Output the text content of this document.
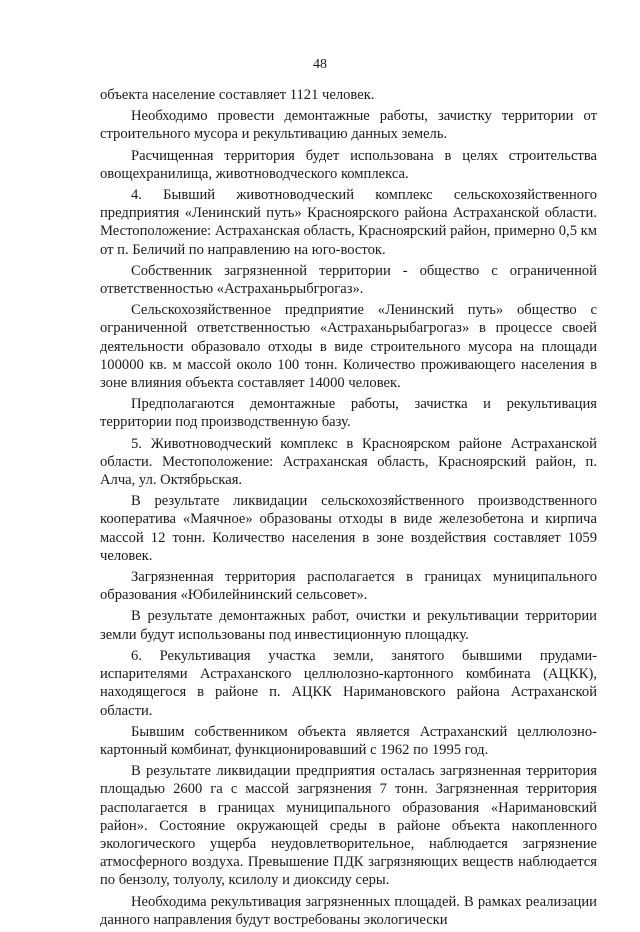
48

объекта население составляет 1121 человек.

Необходимо провести демонтажные работы, зачистку территории от строительного мусора и рекультивацию данных земель.

Расчищенная территория будет использована в целях строительства овощехранилища, животноводческого комплекса.

4. Бывший животноводческий комплекс сельскохозяйственного предприятия «Ленинский путь» Красноярского района Астраханской области. Местоположение: Астраханская область, Красноярский район, примерно 0,5 км от п. Беличий по направлению на юго-восток.

Собственник загрязненной территории - общество с ограниченной ответственностью «Астраханьрыбгрогаз».

Сельскохозяйственное предприятие «Ленинский путь» общество с ограниченной ответственностью «Астраханьрыбагрогаз» в процессе своей деятельности образовало отходы в виде строительного мусора на площади 100000 кв. м массой около 100 тонн. Количество проживающего населения в зоне влияния объекта составляет 14000 человек.

Предполагаются демонтажные работы, зачистка и рекультивация территории под производственную базу.

5. Животноводческий комплекс в Красноярском районе Астраханской области. Местоположение: Астраханская область, Красноярский район, п. Алча, ул. Октябрьская.

В результате ликвидации сельскохозяйственного производственного кооператива «Маячное» образованы отходы в виде железобетона и кирпича массой 12 тонн. Количество населения в зоне воздействия составляет 1059 человек.

Загрязненная территория располагается в границах муниципального образования «Юбилейнинский сельсовет».

В результате демонтажных работ, очистки и рекультивации территории земли будут использованы под инвестиционную площадку.

6. Рекультивация участка земли, занятого бывшими прудами-испарителями Астраханского целлюлозно-картонного комбината (АЦКК), находящегося в районе п. АЦКК Наримановского района Астраханской области.

Бывшим собственником объекта является Астраханский целлюлозно-картонный комбинат, функционировавший с 1962 по 1995 год.

В результате ликвидации предприятия осталась загрязненная территория площадью 2600 га с массой загрязнения 7 тонн. Загрязненная территория располагается в границах муниципального образования «Наримановский район». Состояние окружающей среды в районе объекта накопленного экологического ущерба неудовлетворительное, наблюдается загрязнение атмосферного воздуха. Превышение ПДК загрязняющих веществ наблюдается по бензолу, толуолу, ксилолу и диоксиду серы.

Необходима рекультивация загрязненных площадей. В рамках реализации данного направления будут востребованы экологически
